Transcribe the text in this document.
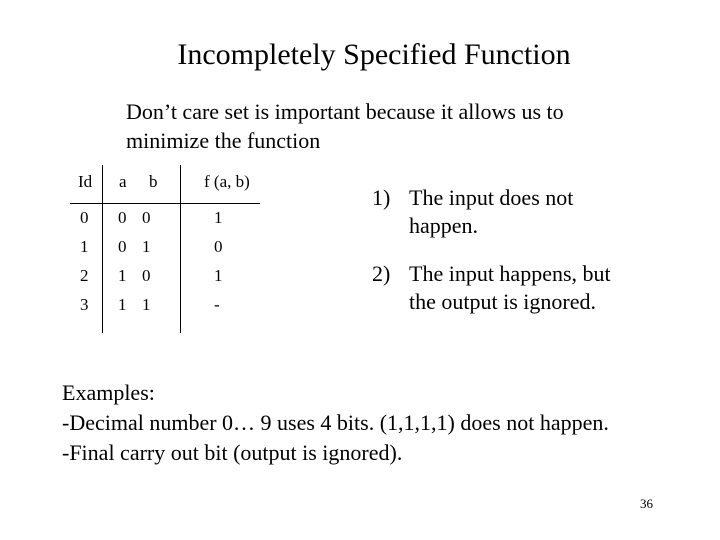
Incompletely Specified Function
Don’t care set is important because it allows us to
minimize the function
Id a b	f (a, b)
0 0 0	1
1 0 1	0
2 1 0	1
3 1 1	-
1) The input does not
happen.
2) The input happens, but
the output is ignored.
Examples:
-Decimal number 0… 9 uses 4 bits. (1,1,1,1) does not happen.
-Final carry out bit (output is ignored).
36
